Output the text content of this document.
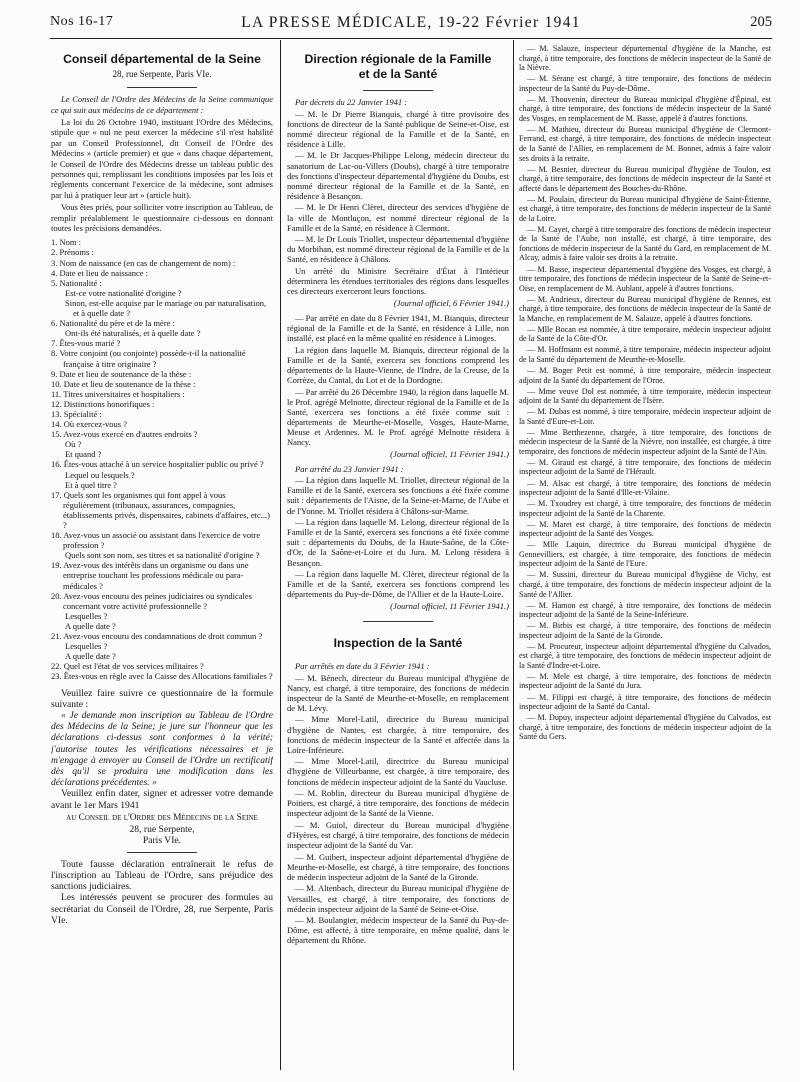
Nos 16-17	LA PRESSE MÉDICALE, 19-22 Février 1941	205
Conseil départemental de la Seine
28, rue Serpente, Paris VIe.
Le Conseil de l'Ordre des Médecins de la Seine communique ce qui suit aux médecins de ce département :
La loi du 26 Octobre 1940, instituant l'Ordre des Médecins, stipule que « nul ne peut exercer la médecine s'il n'est habilité par un Conseil Professionnel, dit Conseil de l'Ordre des Médecins » (article premier) et que « dans chaque département, le Conseil de l'Ordre des Médecins dresse un tableau public des personnes qui, remplissant les conditions imposées par les lois et règlements concernant l'exercice de la médecine, sont admises par lui à pratiquer leur art » (article huit).
Vous êtes priés, pour solliciter votre inscription au Tableau, de remplir préalablement le questionnaire ci-dessous en donnant toutes les précisions demandées.
1. Nom :
2. Prénoms :
3. Nom de naissance (en cas de changement de nom) :
4. Date et lieu de naissance :
5. Nationalité :
Est-ce votre nationalité d'origine ?
Sinon, est-elle acquise par le mariage ou par naturalisation, et à quelle date ?
6. Nationalité du père et de la mère :
Ont-ils été naturalisés, et à quelle date ?
7. Êtes-vous marié ?
8. Votre conjoint (ou conjointe) possède-t-il la nationalité française à titre originaire ?
9. Date et lieu de soutenance de la thèse :
10. Date et lieu de soutenance de la thèse :
11. Titres universitaires et hospitaliers :
12. Distinctions honorifiques :
13. Spécialité :
14. Où exercez-vous ?
15. Avez-vous exercé en d'autres endroits ?
Où ?
Et quand ?
16. Êtes-vous attaché à un service hospitalier public ou privé ?
Lequel ou lesquels ?
Et à quel titre ?
17. Quels sont les organismes qui font appel à vous régulièrement (tribunaux, assurances, compagnies, établissements privés, dispensaires, cabinets d'affaires, etc...) ?
18. Avez-vous un associé ou assistant dans l'exercice de votre profession ?
Quels sont son nom, ses titres et sa nationalité d'origine ?
19. Avez-vous des intérêts dans un organisme ou dans une entreprise touchant les professions médicale ou para-médicales ?
20. Avez-vous encouru des peines judiciaires ou syndicales concernant votre activité professionnelle ?
Lesquelles ?
A quelle date ?
21. Avez-vous encouru des condamnations de droit commun ?
Lesquelles ?
A quelle date ?
22. Quel est l'état de vos services militaires ?
23. Êtes-vous en règle avec la Caisse des Allocations familiales ?
Veuillez faire suivre ce questionnaire de la formule suivante :
« Je demande mon inscription au Tableau de l'Ordre des Médecins de la Seine; je jure sur l'honneur que les déclarations ci-dessus sont conformes à la vérité; j'autorise toutes les vérifications nécessaires et je m'engage à envoyer au Conseil de l'Ordre un rectificatif dès qu'il se produira une modification dans les déclarations précédentes. »
Veuillez enfin dater, signer et adresser votre demande avant le 1er Mars 1941
au Conseil de l'Ordre des Médecins de la Seine
28, rue Serpente,
Paris VIe.
Toute fausse déclaration entraînerait le refus de l'inscription au Tableau de l'Ordre, sans préjudice des sanctions judiciaires.
Les intéressés peuvent se procurer des formules au secrétariat du Conseil de l'Ordre, 28, rue Serpente, Paris VIe.
Direction régionale de la Famille
et de la Santé
Par décrets du 22 Janvier 1941 :
— M. le Dr Pierre Bianquis, chargé à titre provisoire des fonctions de directeur de la Santé publique de Seine-et-Oise, est nommé directeur régional de la Famille et de la Santé, en résidence à Lille.
— M. le Dr Jacques-Philippe Lelong, médecin directeur du sanatorium de Lac-ou-Villers (Doubs), chargé à titre temporaire des fonctions d'inspecteur départemental d'hygiène du Doubs, est nommé directeur régional de la Famille et de la Santé, en résidence à Besançon.
— M. le Dr Henri Clèret, directeur des services d'hygiène de la ville de Montluçon, est nommé directeur régional de la Famille et de la Santé, en résidence à Clermont.
— M. le Dr Louis Triollet, inspecteur départemental d'hygiène du Morbihan, est nommé directeur régional de la Famille et de la Santé, en résidence à Châlons.
Un arrêté du Ministre Secrétaire d'État à l'Intérieur déterminera les étendues territoriales des régions dans lesquelles ces directeurs exerceront leurs fonctions.
(Journal officiel, 6 Février 1941.)
— Par arrêté en date du 8 Février 1941, M. Bianquis, directeur régional de la Famille et de la Santé, en résidence à Lille, non installé, est placé en la même qualité en résidence à Limoges.
La région dans laquelle M. Bianquis, directeur régional de la Famille et de la Santé, exercera ses fonctions comprend les départements de la Haute-Vienne, de l'Indre, de la Creuse, de la Corrèze, du Cantal, du Lot et de la Dordogne.
— Par arrêté du 26 Décembre 1940, la région dans laquelle M. le Prof. agrégé Melnotte, directeur régional de la Famille et de la Santé, exercera ses fonctions a été fixée comme suit : départements de Meurthe-et-Moselle, Vosges, Haute-Marne, Meuse et Ardennes. M. le Prof. agrégé Melnotte résidera à Nancy.
(Journal officiel, 11 Février 1941.)
Par arrêté du 23 Janvier 1941 :
— La région dans laquelle M. Triollet, directeur régional de la Famille et de la Santé, exercera ses fonctions a été fixée comme suit : départements de l'Aisne, de la Seine-et-Marne, de l'Aube et de l'Yonne. M. Triollet résidera à Châlons-sur-Marne.
— La région dans laquelle M. Lelong, directeur régional de la Famille et de la Santé, exercera ses fonctions a été fixée comme suit : départements du Doubs, de la Haute-Saône, de la Côte-d'Or, de la Saône-et-Loire et du Jura. M. Lelong résidera à Besançon.
— La région dans laquelle M. Clèret, directeur régional de la Famille et de la Santé, exercera ses fonctions comprend les départements du Puy-de-Dôme, de l'Allier et de la Haute-Loire.
(Journal officiel, 11 Février 1941.)
Inspection de la Santé
Par arrêtés en date du 3 Février 1941 :
— M. Bénech, directeur du Bureau municipal d'hygiène de Nancy, est chargé, à titre temporaire, des fonctions de médecin inspecteur de la Santé de Meurthe-et-Moselle, en remplacement de M. Lévy.
— Mme Morel-Latil, directrice du Bureau municipal d'hygiène de Nantes, est chargée, à titre temporaire, des fonctions de médecin inspecteur de la Santé et affectée dans la Loire-Inférieure.
— Mme Morel-Latil, directrice du Bureau municipal d'hygiène de Villeurbanne, est chargée, à titre temporaire, des fonctions de médecin inspecteur adjoint de la Santé du Vaucluse.
— M. Roblin, directeur du Bureau municipal d'hygiène de Poitiers, est chargé, à titre temporaire, des fonctions de médecin inspecteur adjoint de la Santé de la Vienne.
— M. Guiol, directeur du Bureau municipal d'hygiène d'Hyères, est chargé, à titre temporaire, des fonctions de médecin inspecteur adjoint de la Santé du Var.
— M. Guibert, inspecteur adjoint départemental d'hygiène de Meurthe-et-Moselle, est chargé, à titre temporaire, des fonctions de médecin inspecteur adjoint de la Santé de la Gironde.
— M. Altenbach, directeur du Bureau municipal d'hygiène de Versailles, est chargé, à titre temporaire, des fonctions de médecin inspecteur adjoint de la Santé de Seine-et-Oise.
— M. Boulangier, médecin inspecteur de la Santé du Puy-de-Dôme, est affecté, à titre temporaire, en même qualité, dans le département du Rhône.
— M. Salauze, inspecteur départemental d'hygiène de la Manche, est chargé, à titre temporaire, des fonctions de médecin inspecteur de la Santé de la Nièvre.
— M. Sérane est chargé, à titre temporaire, des fonctions de médecin inspecteur de la Santé du Puy-de-Dôme.
— M. Thouvenin, directeur du Bureau municipal d'hygiène d'Épinal, est chargé, à titre temporaire, des fonctions de médecin inspecteur de la Santé des Vosges, en remplacement de M. Basse, appelé à d'autres fonctions.
— M. Mathieu, directeur du Bureau municipal d'hygiène de Clermont-Ferrand, est chargé, à titre temporaire, des fonctions de médecin inspecteur de la Santé de l'Allier, en remplacement de M. Bonnet, admis à faire valoir ses droits à la retraite.
— M. Besnier, directeur du Bureau municipal d'hygiène de Toulon, est chargé, à titre temporaire, des fonctions de médecin inspecteur de la Santé et affecté dans le département des Bouches-du-Rhône.
— M. Poulain, directeur du Bureau municipal d'hygiène de Saint-Étienne, est chargé, à titre temporaire, des fonctions de médecin inspecteur de la Santé de la Loire.
— M. Cayet, chargé à titre temporaire des fonctions de médecin inspecteur de la Santé de l'Aube, non installé, est chargé, à titre temporaire, des fonctions de médecin inspecteur de la Santé du Gard, en remplacement de M. Alcay, admis à faire valoir ses droits à la retraite.
— M. Basse, inspecteur départemental d'hygiène des Vosges, est chargé, à titre temporaire, des fonctions de médecin inspecteur de la Santé de Seine-et-Oise, en remplacement de M. Aublant, appelé à d'autres fonctions.
— M. Andrieux, directeur du Bureau municipal d'hygiène de Rennes, est chargé, à titre temporaire, des fonctions de médecin inspecteur de la Santé de la Manche, en remplacement de M. Salauze, appelé à d'autres fonctions.
— Mlle Bocan est nommée, à titre temporaire, médecin inspecteur adjoint de la Santé de la Côte-d'Or.
— M. Hoffmann est nommé, à titre temporaire, médecin inspecteur adjoint de la Santé du département de Meurthe-et-Moselle.
— M. Boger Petit est nommé, à titre temporaire, médecin inspecteur adjoint de la Santé du département de l'Orne.
— Mme veuve Dol est nommée, à titre temporaire, médecin inspecteur adjoint de la Santé du département de l'Isère.
— M. Dubas est nommé, à titre temporaire, médecin inspecteur adjoint de la Santé d'Eure-et-Loir.
— Mme Berthezenne, chargée, à titre temporaire, des fonctions de médecin inspecteur de la Santé de la Nièvre, non installée, est chargée, à titre temporaire, des fonctions de médecin inspecteur adjoint de la Santé de l'Ain.
— M. Giraud est chargé, à titre temporaire, des fonctions de médecin inspecteur adjoint de la Santé de l'Hérault.
— M. Alsac est chargé, à titre temporaire, des fonctions de médecin inspecteur adjoint de la Santé d'Ille-et-Vilaine.
— M. Txoudrey est chargé, à titre temporaire, des fonctions de médecin inspecteur adjoint de la Santé de la Charente.
— M. Maret est chargé, à titre temporaire, des fonctions de médecin inspecteur adjoint de la Santé des Vosges.
— Mlle Laquin, directrice du Bureau municipal d'hygiène de Gennevilliers, est chargée, à titre temporaire, des fonctions de médecin inspecteur adjoint de la Santé de l'Eure.
— M. Sussini, directeur du Bureau municipal d'hygiène de Vichy, est chargé, à titre temporaire, des fonctions de médecin inspecteur adjoint de la Santé de l'Allier.
— M. Hamon est chargé, à titre temporaire, des fonctions de médecin inspecteur adjoint de la Santé de la Seine-Inférieure.
— M. Birbis est chargé, à titre temporaire, des fonctions de médecin inspecteur adjoint de la Santé de la Gironde.
— M. Procureur, inspecteur adjoint départemental d'hygiène du Calvados, est chargé, à titre temporaire, des fonctions de médecin inspecteur adjoint de la Santé d'Indre-et-Loire.
— M. Mele est chargé, à titre temporaire, des fonctions de médecin inspecteur adjoint de la Santé du Jura.
— M. Filippi est chargé, à titre temporaire, des fonctions de médecin inspecteur adjoint de la Santé du Cantal.
— M. Dupuy, inspecteur adjoint départemental d'hygiène du Calvados, est chargé, à titre temporaire, des fonctions de médecin inspecteur adjoint de la Santé du Gers.
